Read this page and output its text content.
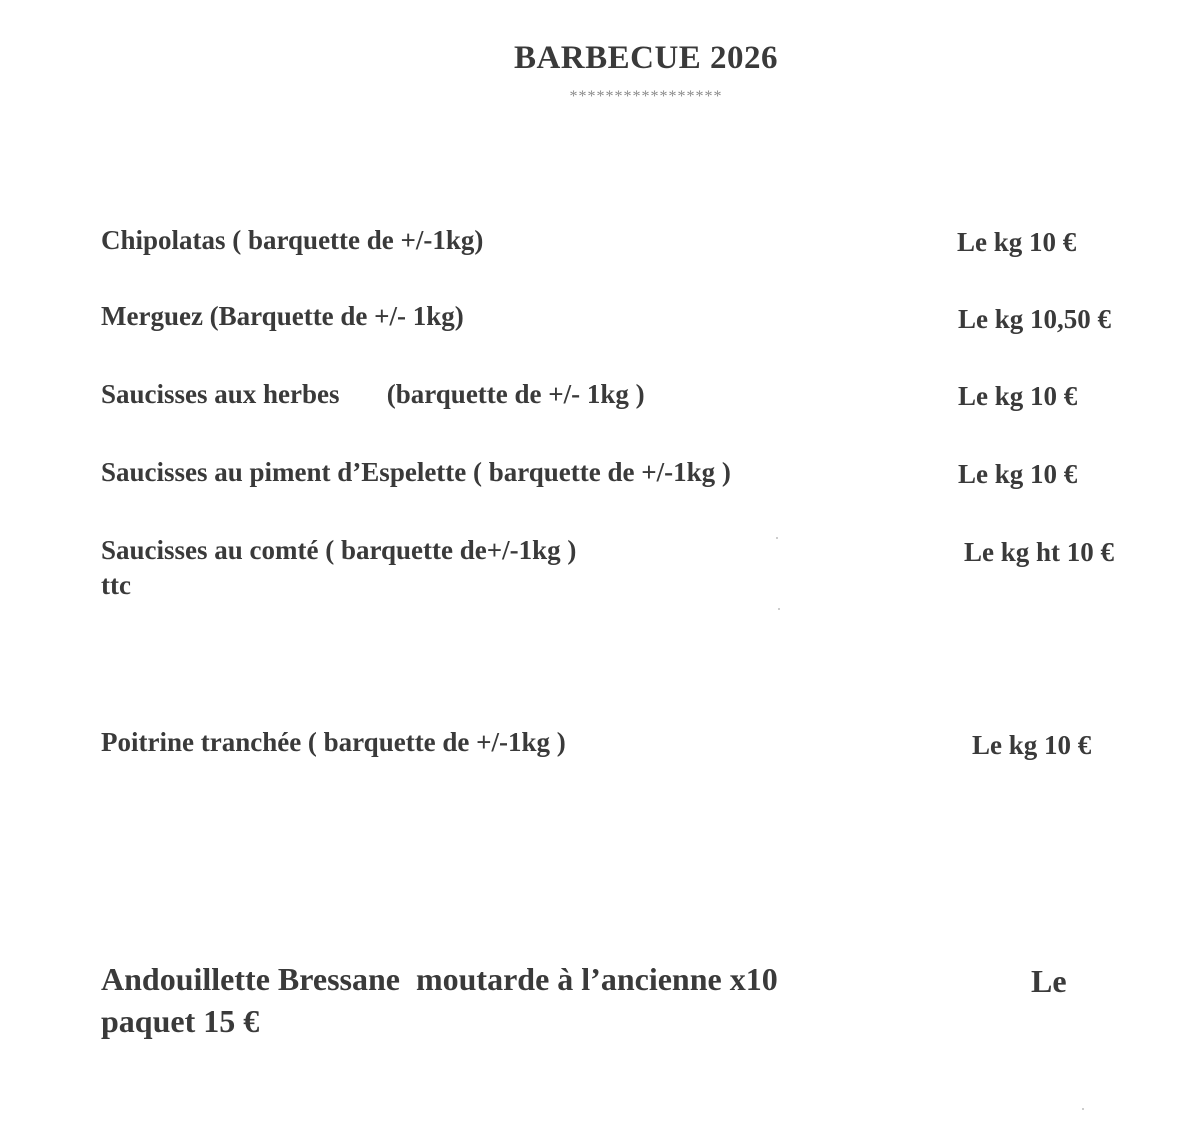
BARBECUE 2026
*****************
Chipolatas ( barquette de +/-1kg)	Le kg 10 €
Merguez (Barquette de +/- 1kg)	Le kg 10,50 €
Saucisses aux herbes       (barquette de +/- 1kg )	Le kg 10 €
Saucisses au piment d’Espelette ( barquette de +/-1kg )	Le kg 10 €
Saucisses au comté ( barquette de+/-1kg )	Le kg ht 10 €
ttc
Poitrine tranchée ( barquette de +/-1kg )	Le kg 10 €
Andouillette Bressane  moutarde à l’ancienne x10	Le
paquet 15 €
